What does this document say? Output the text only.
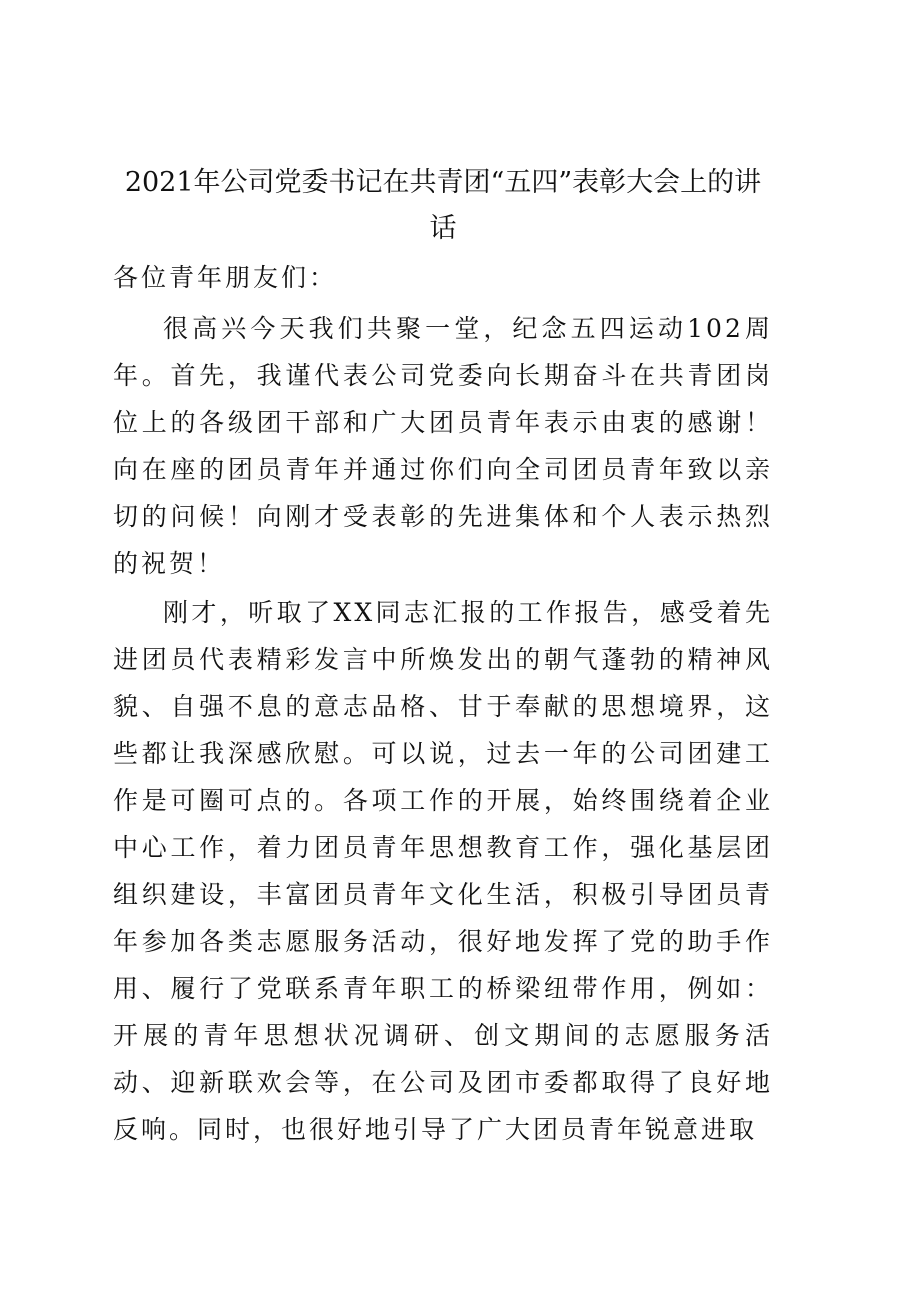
2021年公司党委书记在共青团“五四”表彰大会上的讲话

各位青年朋友们：

很高兴今天我们共聚一堂，纪念五四运动102周年。首先，我谨代表公司党委向长期奋斗在共青团岗位上的各级团干部和广大团员青年表示由衷的感谢！向在座的团员青年并通过你们向全司团员青年致以亲切的问候！向刚才受表彰的先进集体和个人表示热烈的祝贺！

刚才，听取了XX同志汇报的工作报告，感受着先进团员代表精彩发言中所焕发出的朝气蓬勃的精神风貌、自强不息的意志品格、甘于奉献的思想境界，这些都让我深感欣慰。可以说，过去一年的公司团建工作是可圈可点的。各项工作的开展，始终围绕着企业中心工作，着力团员青年思想教育工作，强化基层团组织建设，丰富团员青年文化生活，积极引导团员青年参加各类志愿服务活动，很好地发挥了党的助手作用、履行了党联系青年职工的桥梁纽带作用，例如：开展的青年思想状况调研、创文期间的志愿服务活动、迎新联欢会等，在公司及团市委都取得了良好地反响。同时，也很好地引导了广大团员青年锐意进取
